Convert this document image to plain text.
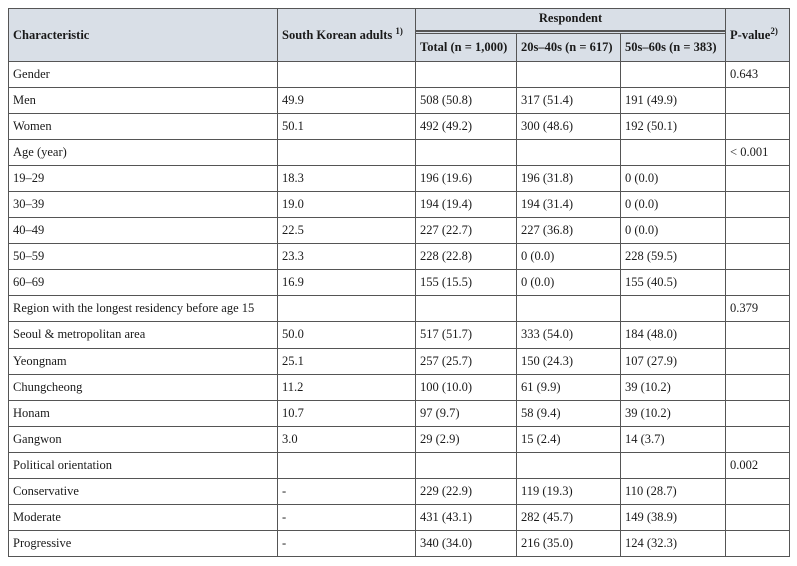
Characteristic	South Korean adults $^{1)}$	Respondent			P-value$^{2)}$
		Total (n = 1,000)	20s–40s (n = 617)	50s–60s (n = 383)	
Gender					0.643
Men	49.9	508 (50.8)	317 (51.4)	191 (49.9)	
Women	50.1	492 (49.2)	300 (48.6)	192 (50.1)	
Age (year)					< 0.001
19–29	18.3	196 (19.6)	196 (31.8)	0 (0.0)	
30–39	19.0	194 (19.4)	194 (31.4)	0 (0.0)	
40–49	22.5	227 (22.7)	227 (36.8)	0 (0.0)	
50–59	23.3	228 (22.8)	0 (0.0)	228 (59.5)	
60–69	16.9	155 (15.5)	0 (0.0)	155 (40.5)	
Region with the longest residency before age 15					0.379
Seoul & metropolitan area	50.0	517 (51.7)	333 (54.0)	184 (48.0)	
Yeongnam	25.1	257 (25.7)	150 (24.3)	107 (27.9)	
Chungcheong	11.2	100 (10.0)	61 (9.9)	39 (10.2)	
Honam	10.7	97 (9.7)	58 (9.4)	39 (10.2)	
Gangwon	3.0	29 (2.9)	15 (2.4)	14 (3.7)	
Political orientation					0.002
Conservative	-	229 (22.9)	119 (19.3)	110 (28.7)	
Moderate	-	431 (43.1)	282 (45.7)	149 (38.9)	
Progressive	-	340 (34.0)	216 (35.0)	124 (32.3)	
